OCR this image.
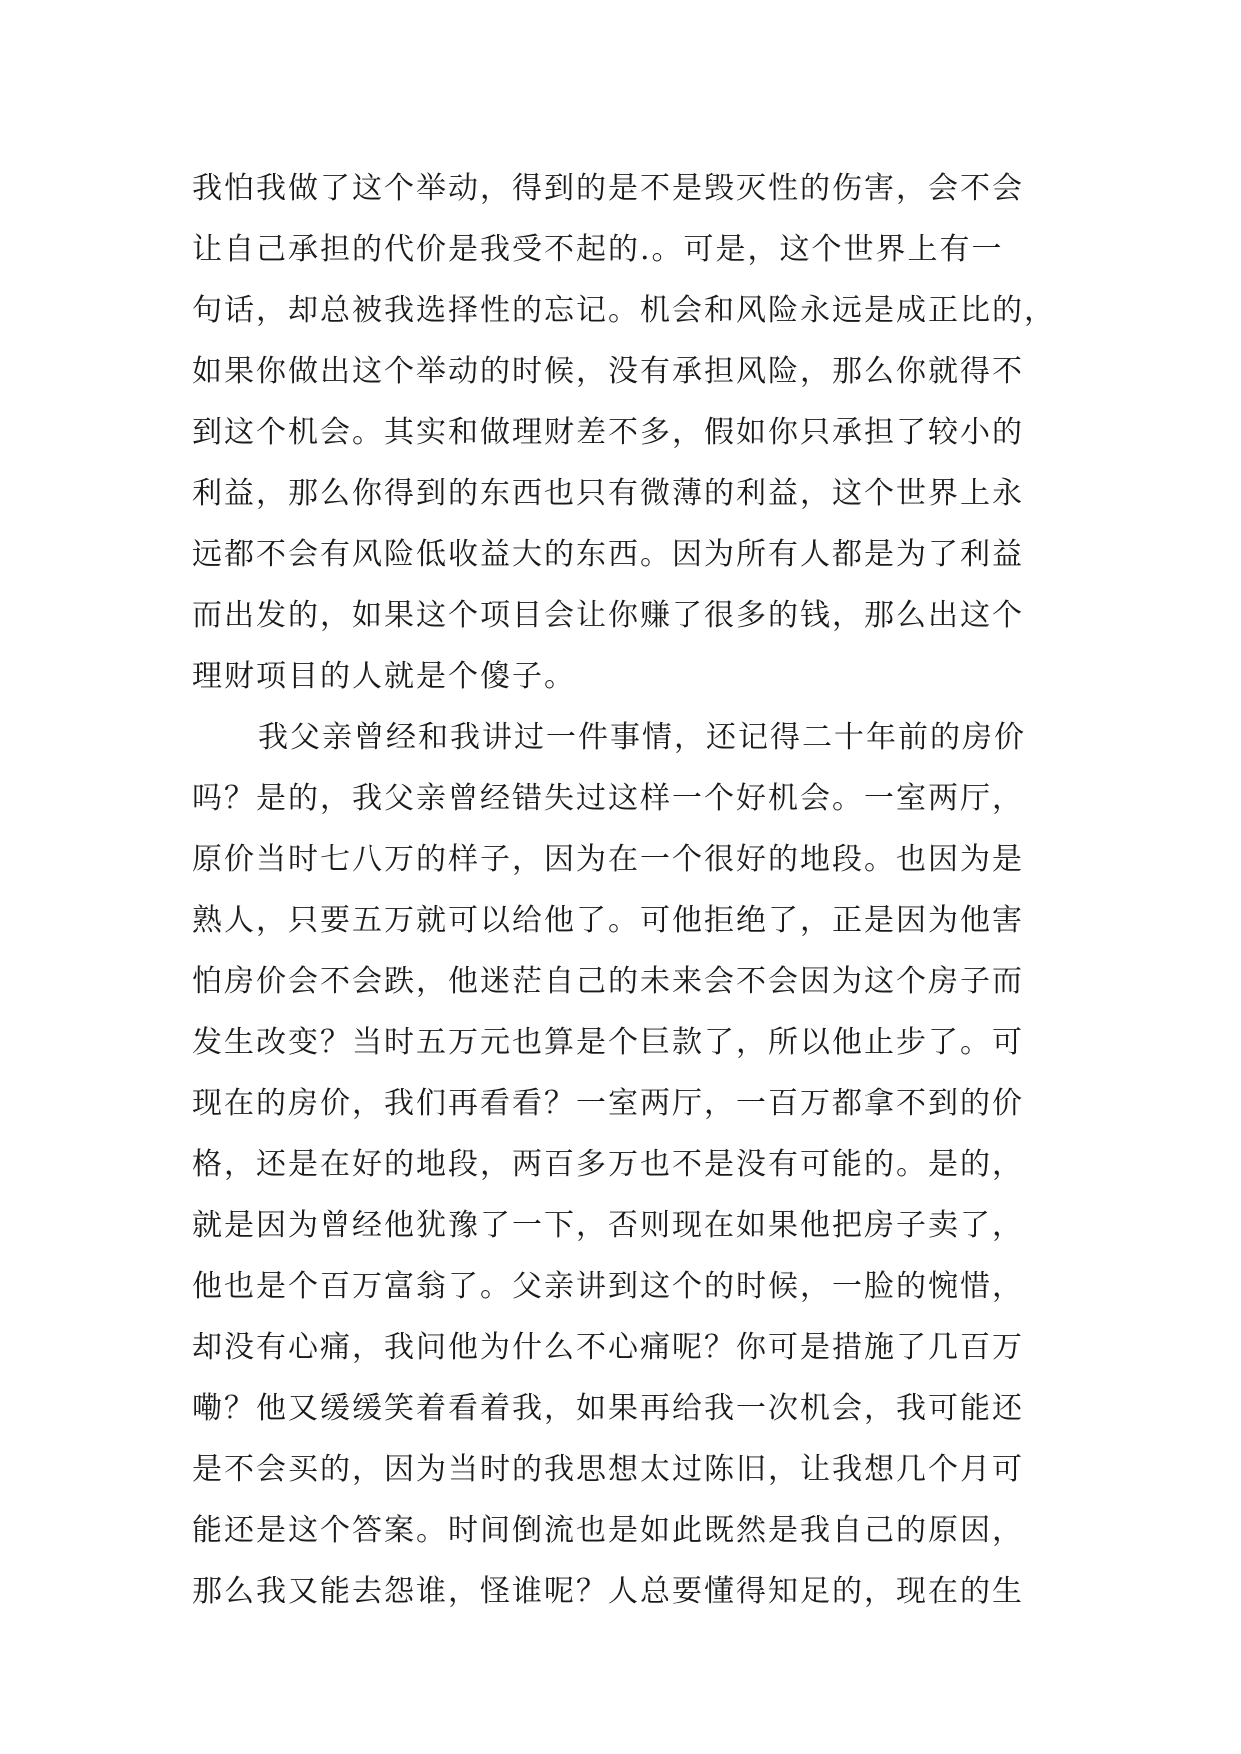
我怕我做了这个举动，得到的是不是毁灭性的伤害，会不会
让自己承担的代价是我受不起的.。可是，这个世界上有一
句话，却总被我选择性的忘记。机会和风险永远是成正比的，
如果你做出这个举动的时候，没有承担风险，那么你就得不
到这个机会。其实和做理财差不多，假如你只承担了较小的
利益，那么你得到的东西也只有微薄的利益，这个世界上永
远都不会有风险低收益大的东西。因为所有人都是为了利益
而出发的，如果这个项目会让你赚了很多的钱，那么出这个
理财项目的人就是个傻子。
我父亲曾经和我讲过一件事情，还记得二十年前的房价
吗？是的，我父亲曾经错失过这样一个好机会。一室两厅，
原价当时七八万的样子，因为在一个很好的地段。也因为是
熟人，只要五万就可以给他了。可他拒绝了，正是因为他害
怕房价会不会跌，他迷茫自己的未来会不会因为这个房子而
发生改变？当时五万元也算是个巨款了，所以他止步了。可
现在的房价，我们再看看？一室两厅，一百万都拿不到的价
格，还是在好的地段，两百多万也不是没有可能的。是的，
就是因为曾经他犹豫了一下，否则现在如果他把房子卖了，
他也是个百万富翁了。父亲讲到这个的时候，一脸的惋惜，
却没有心痛，我问他为什么不心痛呢？你可是措施了几百万
嘞？他又缓缓笑着看着我，如果再给我一次机会，我可能还
是不会买的，因为当时的我思想太过陈旧，让我想几个月可
能还是这个答案。时间倒流也是如此既然是我自己的原因，
那么我又能去怨谁，怪谁呢？人总要懂得知足的，现在的生
